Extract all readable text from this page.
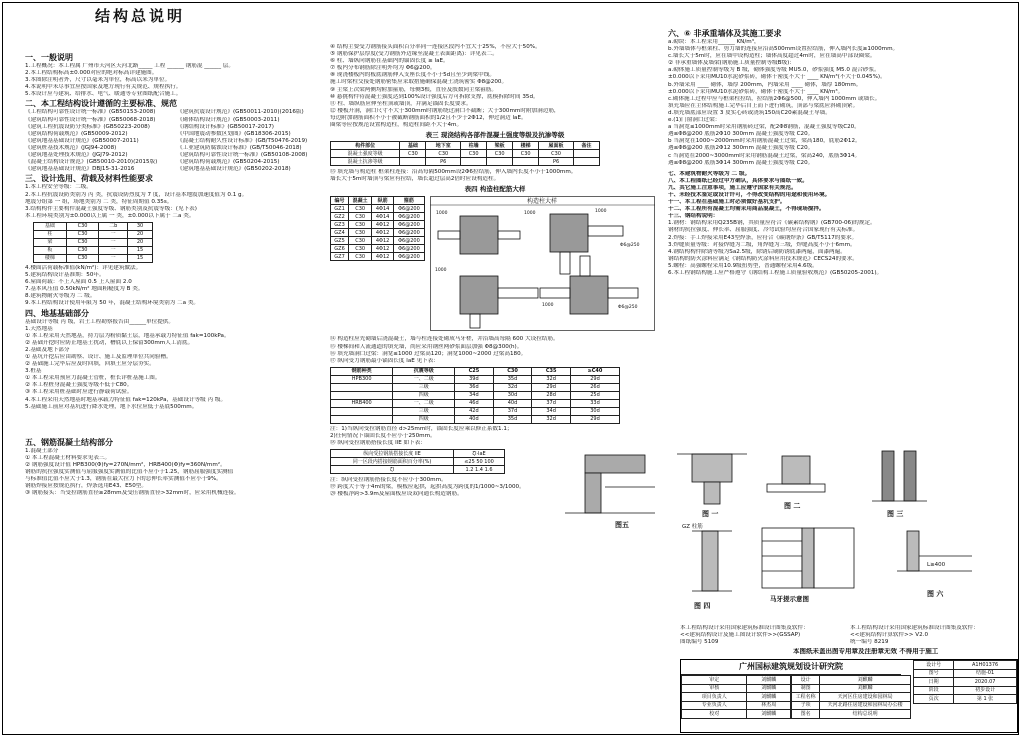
结构总说明
一、一般说明
1.工程概况：本工程属 广州市天河区天河北路_____ 工程 ______ 钢筋混 ______ 层。
2.本工程结构标高±0.000对应的绝对标高详建施图。
3.本图除注明者外，尺寸以毫米为单位，标高以米为单位。
4.本说明中未尽事宜应按国家及地方现行有关规范、规程执行。
5.本设计应与建筑、给排水、电气、暖通等专业图纸配合施工。
二、本工程结构设计遵循的主要标准、规范
《工程结构可靠性设计统一标准》(GB50153-2008)
《建筑结构可靠性设计统一标准》(GB50068-2018)
《建筑工程抗震设防分类标准》(GB50223-2008)
《建筑结构荷载规范》(GB50009-2012)
《建筑地基基础设计规范》(GB50007-2011)
《建筑桩基技术规范》(JGJ94-2008)
《建筑地基处理技术规范》(JGJ79-2012)
《混凝土结构设计规范》(GB50010-2010)(2015版)
《建筑地基基础设计规范》DBJ15-31-2016
《建筑抗震设计规范》(GB50011-2010)(2016版)
《砌体结构设计规范》(GB50003-2011)
《钢结构设计标准》(GB50017-2017)
《中国地震动参数区划图》(GB18306-2015)
《混凝土结构耐久性设计标准》(GB/T50476-2019)
《工业建筑防腐蚀设计标准》(GB/T50046-2018)
《建筑结构可靠性设计统一标准》(GB50108-2008)
《建筑结构荷载规范》(GB50204-2015)
《建筑地基基础设计规范》(GB50202-2018)
三、设计选用、荷载及材料性能要求
1.本工程安全等级：二级。
2.本工程抗震设防类别为 丙 类，抗震设防烈度为 7 度，设计基本地震加速度值为 0.1 g。
地震分组第 一 组，场地类别为 二 类，特征周期值 0.35s。
3.结构构件主要构件混凝土强度等级、钢筋类别及抗震等级：(见下表)
本工程环境类别为±0.000以上属 一 类，±0.000以下属于 二a 类。
基础	C30	二b	30
柱	C30	一	20
梁	C30	一	20
板	C30	一	15
楼梯	C30	一	15
4.楼面活荷载标准值(kN/m²)：详见建筑做法。
5.建筑结构设计基准期：50年。
6.屋面荷载：不上人屋面 0.5 上人屋面 2.0
7.基本风压值 0.50kN/m² 地面粗糙度为 B 类。
8.建筑物耐火等级为 二 级。
9.本工程结构设计使用年限为 50 年，混凝土结构环境类别为 二a 类。
四、地基基础部分
基础设计等级 丙 级，岩土工程勘察报告由______单位提供。
1.天然地基
① 本工程采用天然地基，持力层为粉质黏土层，地基承载力特征值 fak=100kPa。
② 基础开挖时应防止地基土扰动，槽底以上保留300mm人工清底。
2.基础及地下部分
① 基坑开挖后应由勘察、设计、施工及监理单位共同验槽。
② 基础施工完毕后应及时回填，回填土应分层夯实。
3.桩基
① 本工程采用预应力混凝土管桩，桩长详桩基施工图。
② 本工程桩身混凝土强度等级不低于C80。
③ 本工程采用桩基础时应进行静载荷试验。
4.本工程采用天然地基时地基承载力特征值 fak=120kPa，基础设计等级 丙 级。
5.基础施工前应对基坑进行降水处理，地下水位应低于基底500mm。
五、钢筋混凝土结构部分
1.混凝土部分
① 本工程混凝土材料要求见表三。
② 钢筋强度设计值 HPB300(Φ)fy=270N/mm²，HRB400(Φ)fy=360N/mm²。
钢筋的抗拉强度实测值与屈服强度实测值的比值不应小于1.25，钢筋屈服强度实测值
与标准值比值不应大于1.3，钢筋在最大拉力下的总伸长率实测值不应小于9%。
钢筋焊接应按规范执行，焊条选用E43、E50型。
③ 钢筋接头：当受拉钢筋直径≥28mm及受压钢筋直径>32mm时，应采用机械连接。
④ 结构主要受力钢筋接头面积百分率同一连接区段内不宜大于25%，不应大于50%。
⑤ 钢筋保护层厚度(受力钢筋外边缘至混凝土表面距离)：详见表二。
⑥ 柱、墙纵向钢筋在基础内的锚固长度 ≥ laE。
⑦ 板内分布钢筋除注明外均为 Φ6@200。
⑧ 现浇楼板内的板底钢筋伸入支座长度不小于5d且至少到梁中线。
施工时梁柱交接处钢筋密集应采取措施确保混凝土浇筑密实 Φ8@200。
⑨ 主梁上次梁两侧均附加箍筋，每侧3根，直径及肢数同主梁箍筋。
⑩ 悬挑构件待混凝土强度达到100%设计强度后方可拆除支撑，底模拆除时间 35d。
⑪ 柱、墙纵筋应伸至柱顶或墙顶，并满足锚固长度要求。
⑫ 楼板开洞，洞口尺寸不大于300mm时钢筋绕过洞口不截断；大于300mm时附加洞边筋，
每边附加钢筋面积不小于被截断钢筋面积的1/2且不少于2Φ12，伸过洞边 laE。
圈梁等应按规范设置构造柱，构造柱间距不大于4m。
表三 现浇结构各部件混凝土强度等级及抗渗等级
构件部位	基础	地下室	柱墙	梁板	楼梯	屋面板	备注
混凝土强度等级	C30	C30	C30	C30	C30	C30	
混凝土抗渗等级		P6				P6	
⑬ 填充墙与构造柱 框架柱连接：沿高每隔500mm设2Φ6拉结筋，伸入墙内长度不小于1000mm。
墙长大于5m时墙顶与梁应有拉结，墙长超过层高2倍时应设构造柱。
表四 构造柱配筋大样
编号	混凝土	纵筋	箍筋
GZ1	C30	4Φ14	Φ6@200
GZ2	C30	4Φ14	Φ6@200
GZ3	C30	4Φ12	Φ6@200
GZ4	C30	4Φ12	Φ6@200
GZ5	C30	4Φ12	Φ6@200
GZ6	C30	4Φ12	Φ6@200
GZ7	C30	4Φ12	Φ6@200
构造柱大样
1000	1000	1000
Φ6@250
1000
1000	Φ6@250
⑭ 构造柱应先砌墙后浇混凝土，墙与柱连接处砌成马牙槎，并沿墙高每隔 600 大设拉结筋。
⑮ 楼梯间和人流通道的填充墙，尚应采用钢丝网砂浆面层加强 Φ8@300(h)。
⑯ 填充墙洞口过梁：洞宽≤1000 过梁高120；洞宽1000~2000 过梁高180。
⑰ 纵向受力钢筋最小锚固长度 laE 见下表：
钢筋种类	抗震等级	C25	C30	C35	≥C40
HPB300	一、二级	39d	35d	32d	29d
	三级	36d	32d	29d	26d
	四级	34d	30d	28d	25d
HRB400	一、二级	46d	40d	37d	33d
	三级	42d	37d	34d	30d
	四级	40d	35d	32d	29d
注：1)当纵向受拉钢筋直径 d>25mm时，锚固长度应乘以修正系数1.1；
2)任何情况下锚固长度不应小于250mm。
⑱ 纵向受拉钢筋搭接长度 llE 如下表：
纵向受拉钢筋搭接长度 llE	ζl·laE
同一区段内搭接钢筋面积百分率(%)	≤25 50 100
ζl	1.2 1.4 1.6
注：纵向受拉钢筋搭接长度不应小于300mm。
⑲ 跨度大于等于4m的梁，模板应起拱，起拱高度为跨度的1/1000~3/1000。
⑳ 楼板净跨>3.9m及屋面板应设双向通长构造钢筋。
图五
六、⑥ 非承重墙体及其施工要求
a.砌块：本工程采用______ KN/m³，
b.外墙墙体与框架柱、剪力墙的连接应沿高500mm设置拉结筋，伸入墙内长度≥1000mm。
c.墙长大于5m时，应在墙中设构造柱；墙体高度超过4m时，应在墙高中部设圈梁。
② 非承重墙体及墙梁(钢筋施工质量控制等级B级)：
a.砌体施工质量控制等级为 B 级，砌体强度等级 MU5.0，砂浆强度 M5.0 混合砂浆。
±0.000以下采用MU10水泥砂浆砖，砌体干密度不大于 ____ KN/m³(不大于0.045%)。
b.外墙采用 ____ 砌体，墙厚 200mm，内墙采用 ____ 砌体，墙厚 180mm。
±0.000以下采用MU10水泥砂浆砖，砌体干密度不大于 ____ KN/m³。
c.砌体施工过程中应与框架柱拉结，拉结筋2Φ6@500，伸入墙内 1000mm 或墙长。
填充墙应在主体结构施工完毕后自上而下进行砌筑，顶部与梁底应斜砌顶紧。
d.填充墙底部应设置 3 皮实心砖或浇筑150高C20素混凝土导墙。
e.(1)门窗洞口过梁：
a 当洞宽≤1000mm时采用钢筋砖过梁，配2Φ8钢筋，混凝土强度等级C20。
遇≤Φ8@200 底筋2Φ10 300mm 混凝土强度等级 C20。
b 当洞宽在1000~2000mm时采用钢筋混凝土过梁，梁高180，底筋2Φ12。
遇≤Φ8@200 底筋2Φ12 300mm 混凝土强度等级 C20。
c 当洞宽在2000~3000mm时采用钢筋混凝土过梁，梁高240，底筋3Φ14。
遇≤Φ8@200 底筋3Φ14 300mm 混凝土强度等级 C20。
七、本建筑物耐火等级为 二 级。
八、本工程图纸已经过甲方确认，具体要求与图纸一致。
九、其它施工注意事项，施工应遵守国家有关规范。
十、未经技术鉴定或设计许可，不得改变结构的用途和使用环境。
十一、本工程在基础施工时必须做好基坑支护。
十二、本工程所有混凝土均需采用商品混凝土，不得现场搅拌。
十三、钢结构说明：
1.钢材：钢结构采用Q235B钢，其质量应符合《碳素结构钢》(GB700-06)的规定。
钢材的抗拉强度、伸长率、屈服强度、冷弯试验均应符合国家现行有关标准。
2.焊接：手工焊接采用E43型焊条，应符合《碳钢焊条》GB/T5117的要求。
3.焊缝质量等级：对接焊缝为二级，角焊缝为三级，焊缝高度不小于6mm。
4.钢结构构件除锈等级为Sa2.5级，除锈后刷防锈底漆两遍，面漆两遍。
钢结构的防火涂料应满足《钢结构防火涂料应用技术规范》CECS24的要求。
5.螺栓：高强螺栓采用10.9级扭剪型，普通螺栓采用4.6级。
6.本工程钢结构施工应严格遵守《钢结构工程施工质量验收规范》(GB50205-2001)。
图 一
图 二
图 三
GZ 柱筋
图 四
马牙搓示意图
L≥400
图 六
本工程结构设计采用国家建筑标准设计图集及软件：
<<建筑结构设计及施工图设计软件>>(GSSAP)
图纸编号 5109
本工程结构设计采用国家建筑标准设计图集及软件：
<<建筑结构计算软件>> V2.0
统一编号 8219
本图纸未盖出图专用章及注册章无效 不得用于施工
广州国标建筑规划设计研究院
审定	刘麒麟
审核	刘麒麟
项目负责人	刘麒麟
专业负责人	林杰周
校对	刘麒麟
设计	刘麒麟
制图	刘麒麟
工程名称	天河区住房建设和园林局
子项	天河北路住房建设和园林局办公楼
图名	结构总说明
设计号	A1H01376
图号	结施-01
日期	2020.07
阶段	初步设计
页次	第 1 张
